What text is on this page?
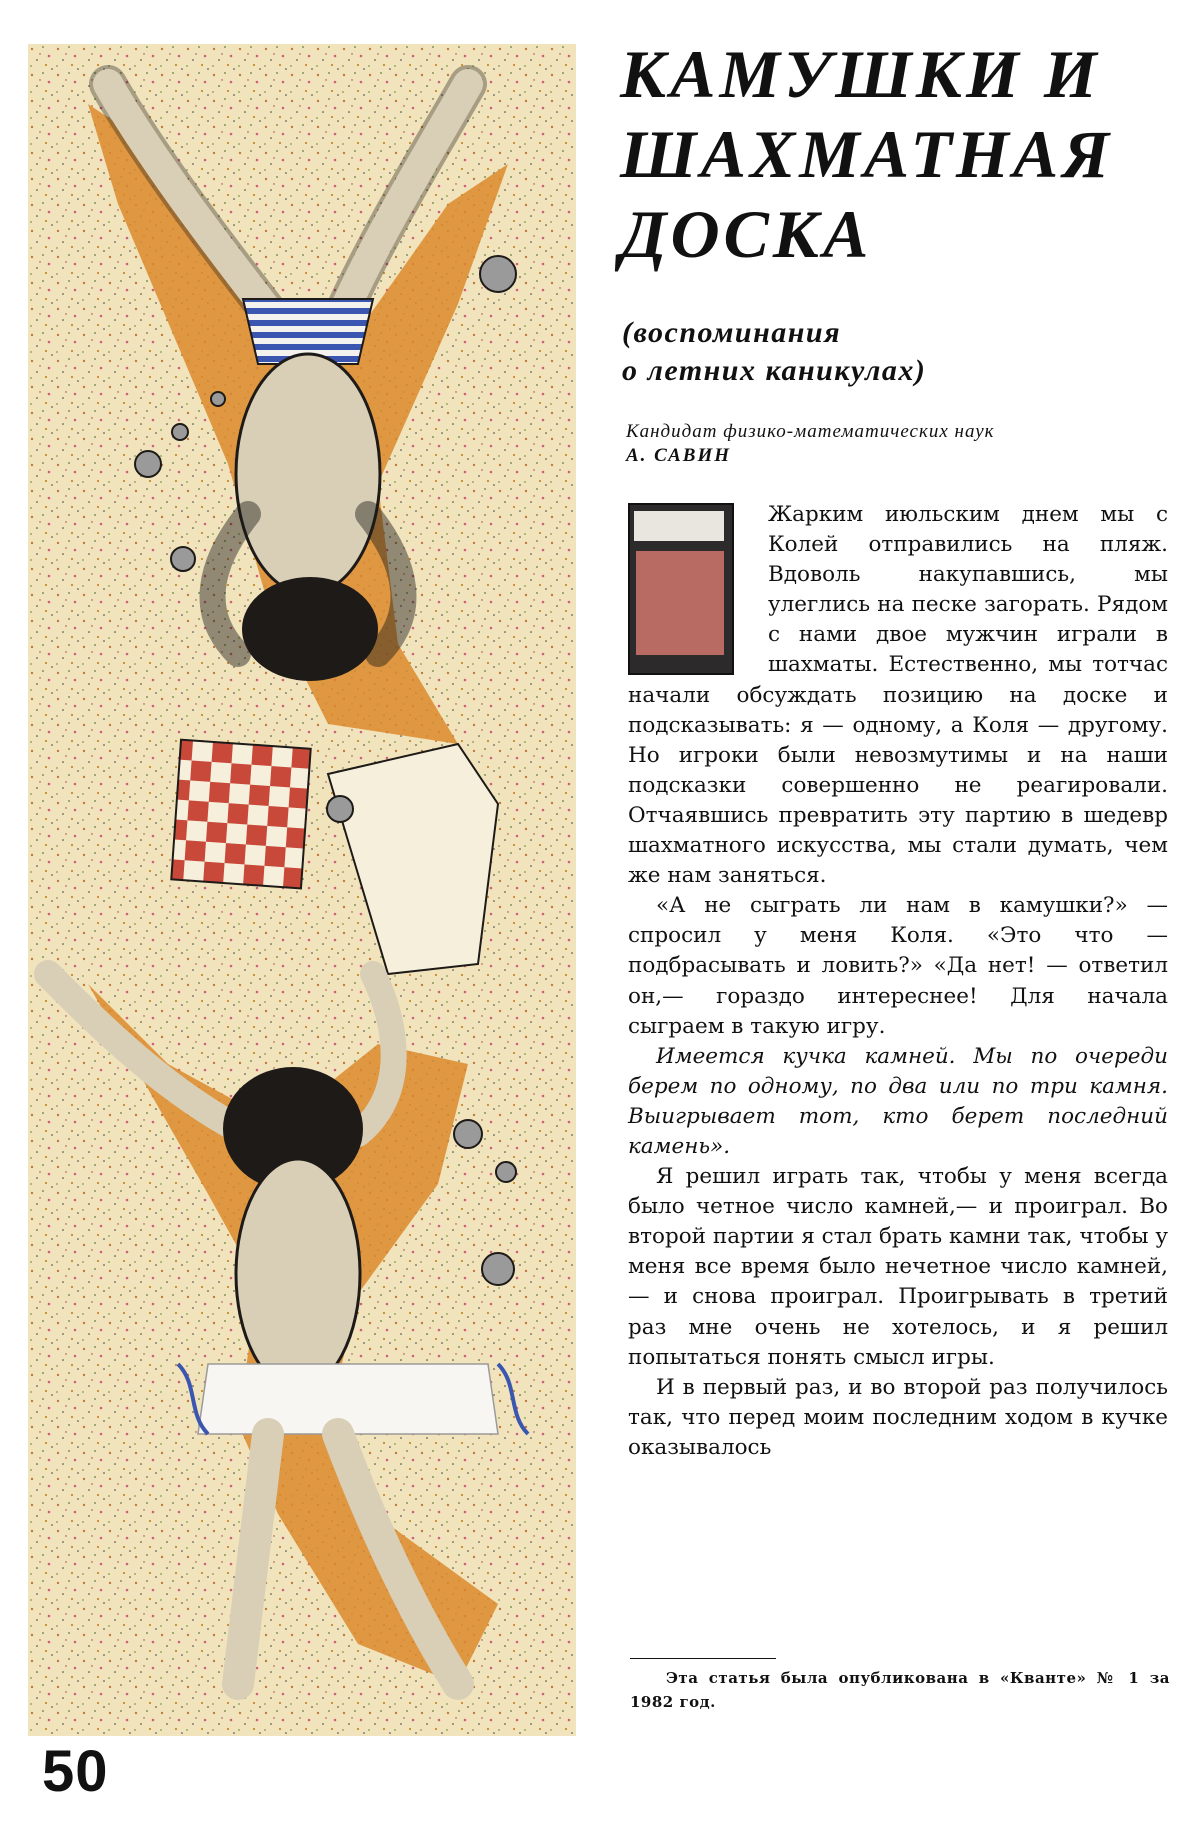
50
КАМУШКИ И
ШАХМАТНАЯ
ДОСКА
(воспоминания
о летних каникулах)
Кандидат физико-математических наук
А. САВИН

Жарким июльским днем мы с Колей отправились на пляж. Вдоволь накупавшись, мы улеглись на песке загорать. Рядом с нами двое мужчин играли в шахматы. Естественно, мы тотчас начали обсуждать позицию на доске и подсказывать: я — одному, а Коля — другому. Но игроки были невозмутимы и на наши подсказки совершенно не реагировали. Отчаявшись превратить эту партию в шедевр шахматного искусства, мы стали думать, чем же нам заняться.

«А не сыграть ли нам в камушки?» — спросил у меня Коля. «Это что — подбрасывать и ловить?» «Да нет! — ответил он,— гораздо интереснее! Для начала сыграем в такую игру.

Имеется кучка камней. Мы по очереди берем по одному, по два или по три камня. Выигрывает тот, кто берет последний камень».

Я решил играть так, чтобы у меня всегда было четное число камней,— и проиграл. Во второй партии я стал брать камни так, чтобы у меня все время было нечетное число камней,— и снова проиграл. Проигрывать в третий раз мне очень не хотелось, и я решил попытаться понять смысл игры.

И в первый раз, и во второй раз получилось так, что перед моим последним ходом в кучке оказывалось

Эта статья была опубликована в «Кванте» № 1 за 1982 год.
